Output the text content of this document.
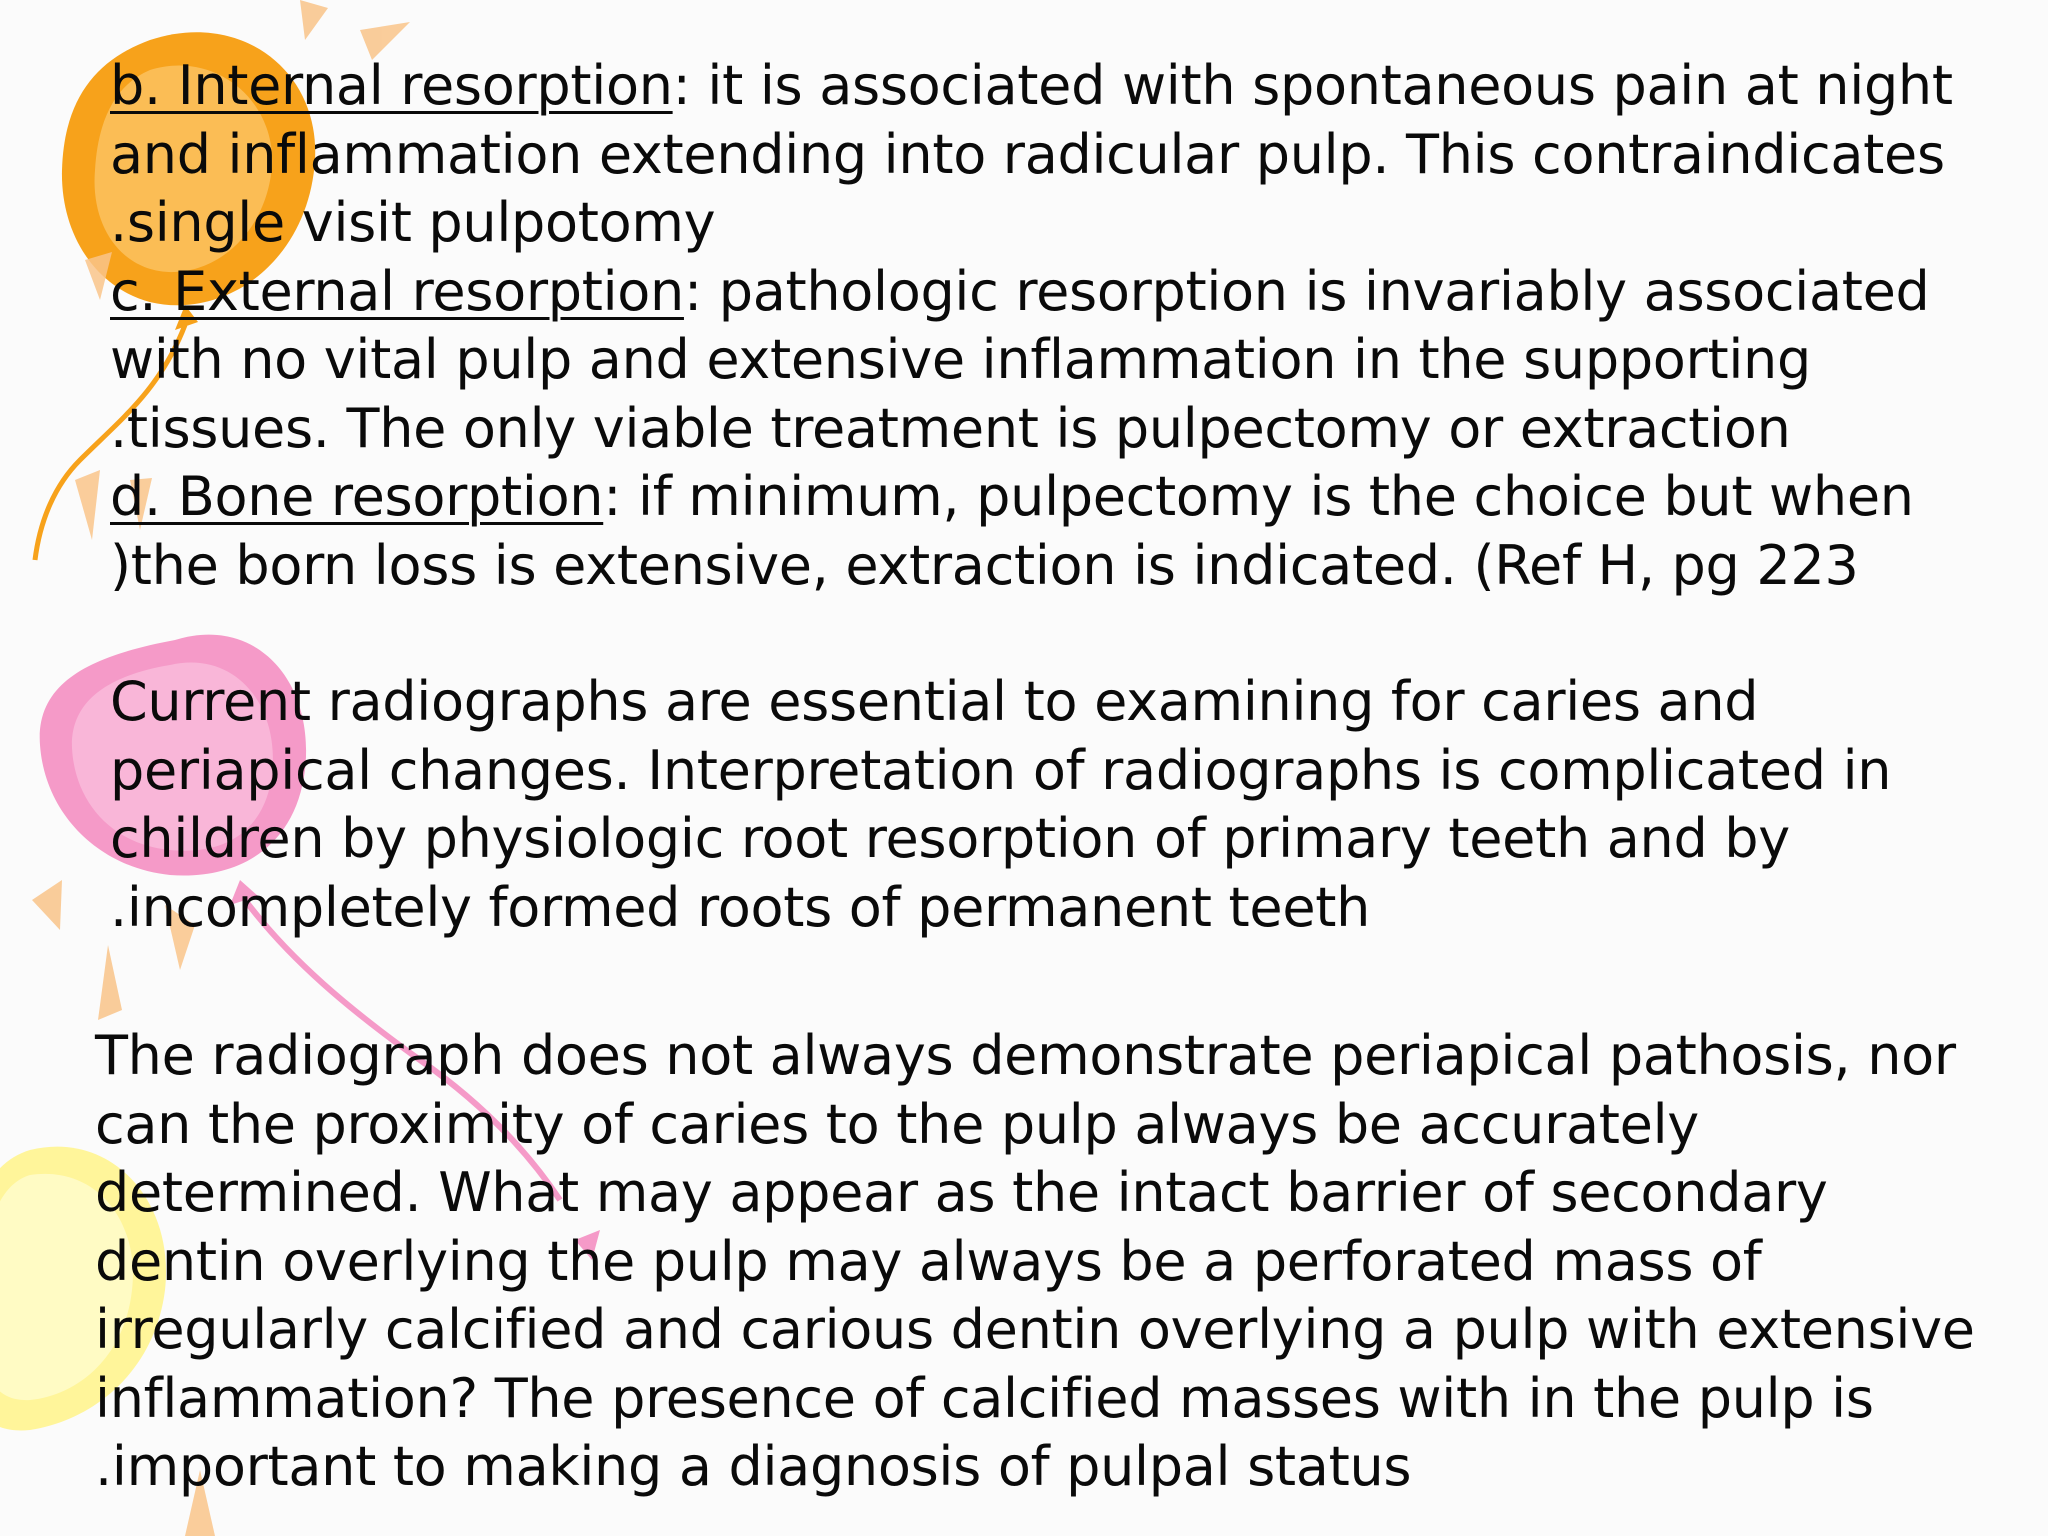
b. Internal resorption: it is associated with spontaneous pain at night
and inflammation extending into radicular pulp. This contraindicates
.single visit pulpotomy
c. External resorption: pathologic resorption is invariably associated
with no vital pulp and extensive inflammation in the supporting
.tissues. The only viable treatment is pulpectomy or extraction
d. Bone resorption: if minimum, pulpectomy is the choice but when
)the born loss is extensive, extraction is indicated. (Ref H, pg 223
Current radiographs are essential to examining for caries and
periapical changes. Interpretation of radiographs is complicated in
children by physiologic root resorption of primary teeth and by
.incompletely formed roots of permanent teeth
The radiograph does not always demonstrate periapical pathosis, nor
can the proximity of caries to the pulp always be accurately
determined. What may appear as the intact barrier of secondary
dentin overlying the pulp may always be a perforated mass of
irregularly calcified and carious dentin overlying a pulp with extensive
inflammation? The presence of calcified masses with in the pulp is
.important to making a diagnosis of pulpal status
